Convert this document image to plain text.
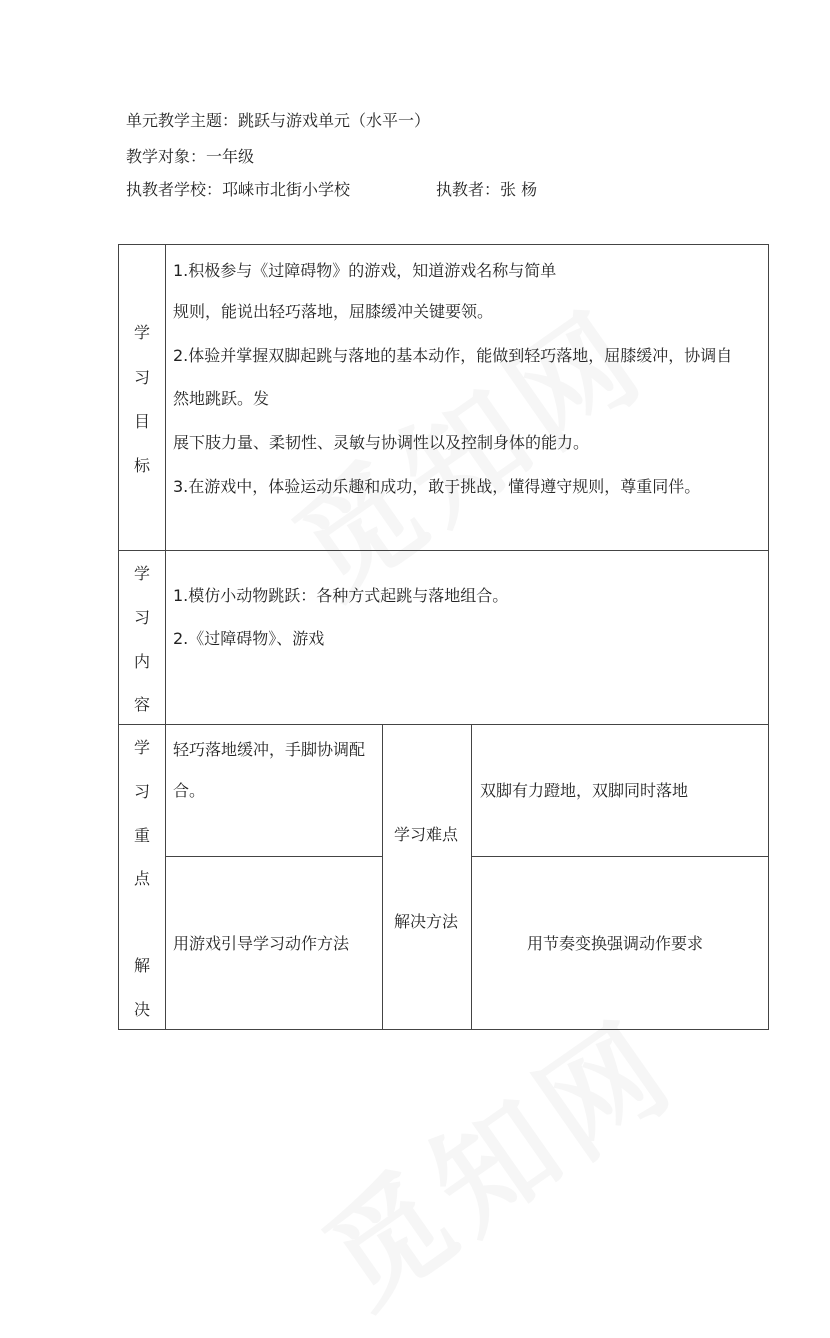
单元教学主题：跳跃与游戏单元（水平一）
教学对象：一年级
执教者学校：邛崃市北街小学校	执教者：张 杨
学
习
目
标
1.积极参与《过障碍物》的游戏，知道游戏名称与简单
规则，能说出轻巧落地，屈膝缓冲关键要领。
2.体验并掌握双脚起跳与落地的基本动作，能做到轻巧落地，屈膝缓冲，协调自
然地跳跃。发
展下肢力量、柔韧性、灵敏与协调性以及控制身体的能力。
3.在游戏中，体验运动乐趣和成功，敢于挑战，懂得遵守规则，尊重同伴。
学
习
内
容
1.模仿小动物跳跃：各种方式起跳与落地组合。
2.《过障碍物》、游戏
学
习
重
点
解
决
轻巧落地缓冲，手脚协调配
合。
学习难点
解决方法
双脚有力蹬地，双脚同时落地
用游戏引导学习动作方法	用节奏变换强调动作要求
